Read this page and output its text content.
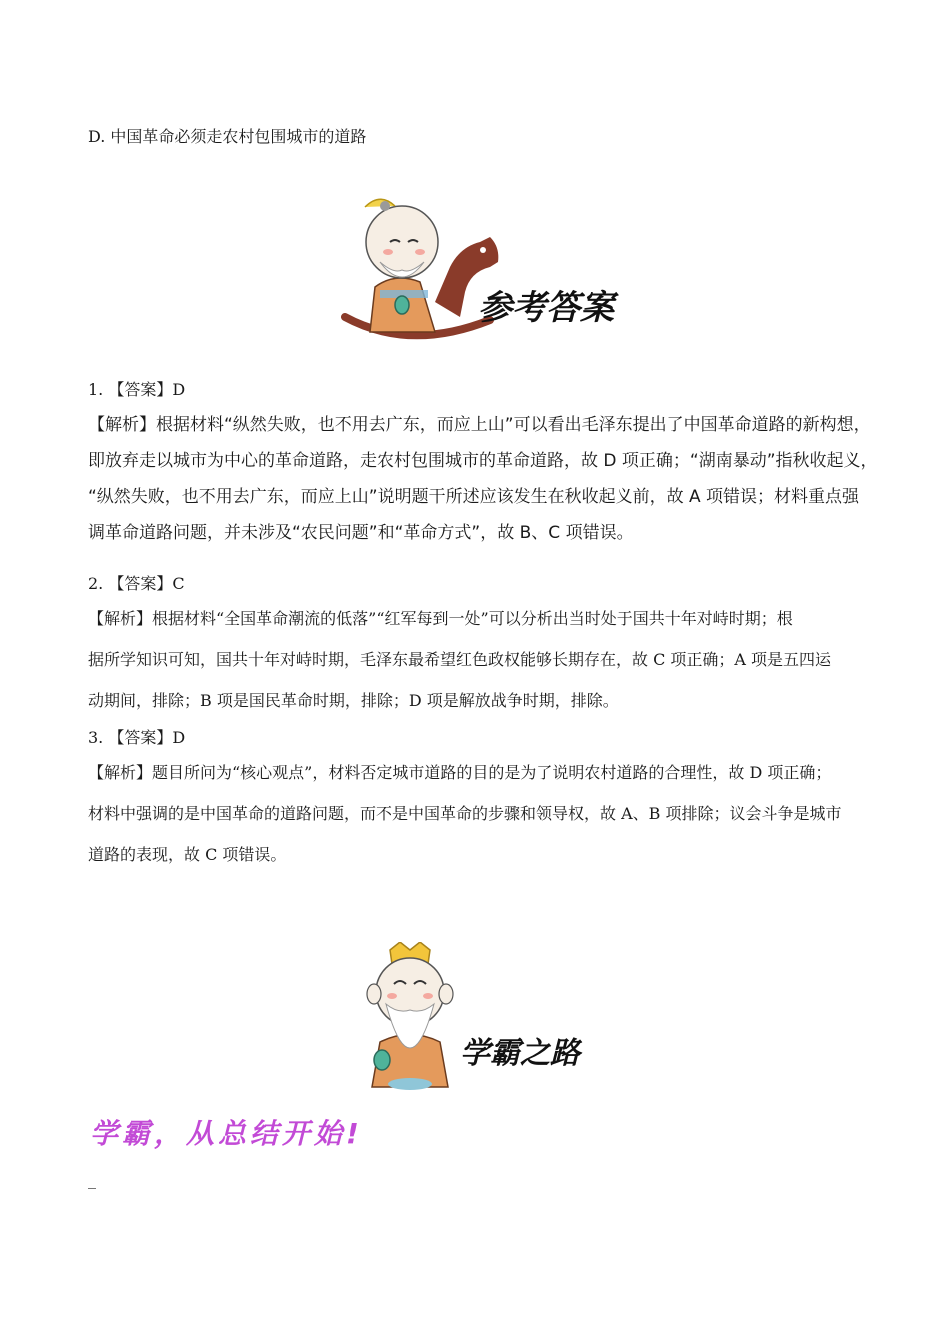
D. 中国革命必须走农村包围城市的道路
参考答案
1. 【答案】D
【解析】根据材料“纵然失败，也不用去广东，而应上山”可以看出毛泽东提出了中国革命道路的新构想，
即放弃走以城市为中心的革命道路，走农村包围城市的革命道路，故 D 项正确；“湖南暴动”指秋收起义，
“纵然失败，也不用去广东，而应上山”说明题干所述应该发生在秋收起义前，故 A 项错误；材料重点强
调革命道路问题，并未涉及“农民问题”和“革命方式”，故 B、C 项错误。
2. 【答案】C
【解析】根据材料“全国革命潮流的低落”“红军每到一处”可以分析出当时处于国共十年对峙时期；根
据所学知识可知，国共十年对峙时期，毛泽东最希望红色政权能够长期存在，故 C 项正确；A 项是五四运
动期间，排除；B 项是国民革命时期，排除；D 项是解放战争时期，排除。
3. 【答案】D
【解析】题目所问为“核心观点”，材料否定城市道路的目的是为了说明农村道路的合理性，故 D 项正确；
材料中强调的是中国革命的道路问题，而不是中国革命的步骤和领导权，故 A、B 项排除；议会斗争是城市
道路的表现，故 C 项错误。
学霸之路
学霸，从总结开始!
_
